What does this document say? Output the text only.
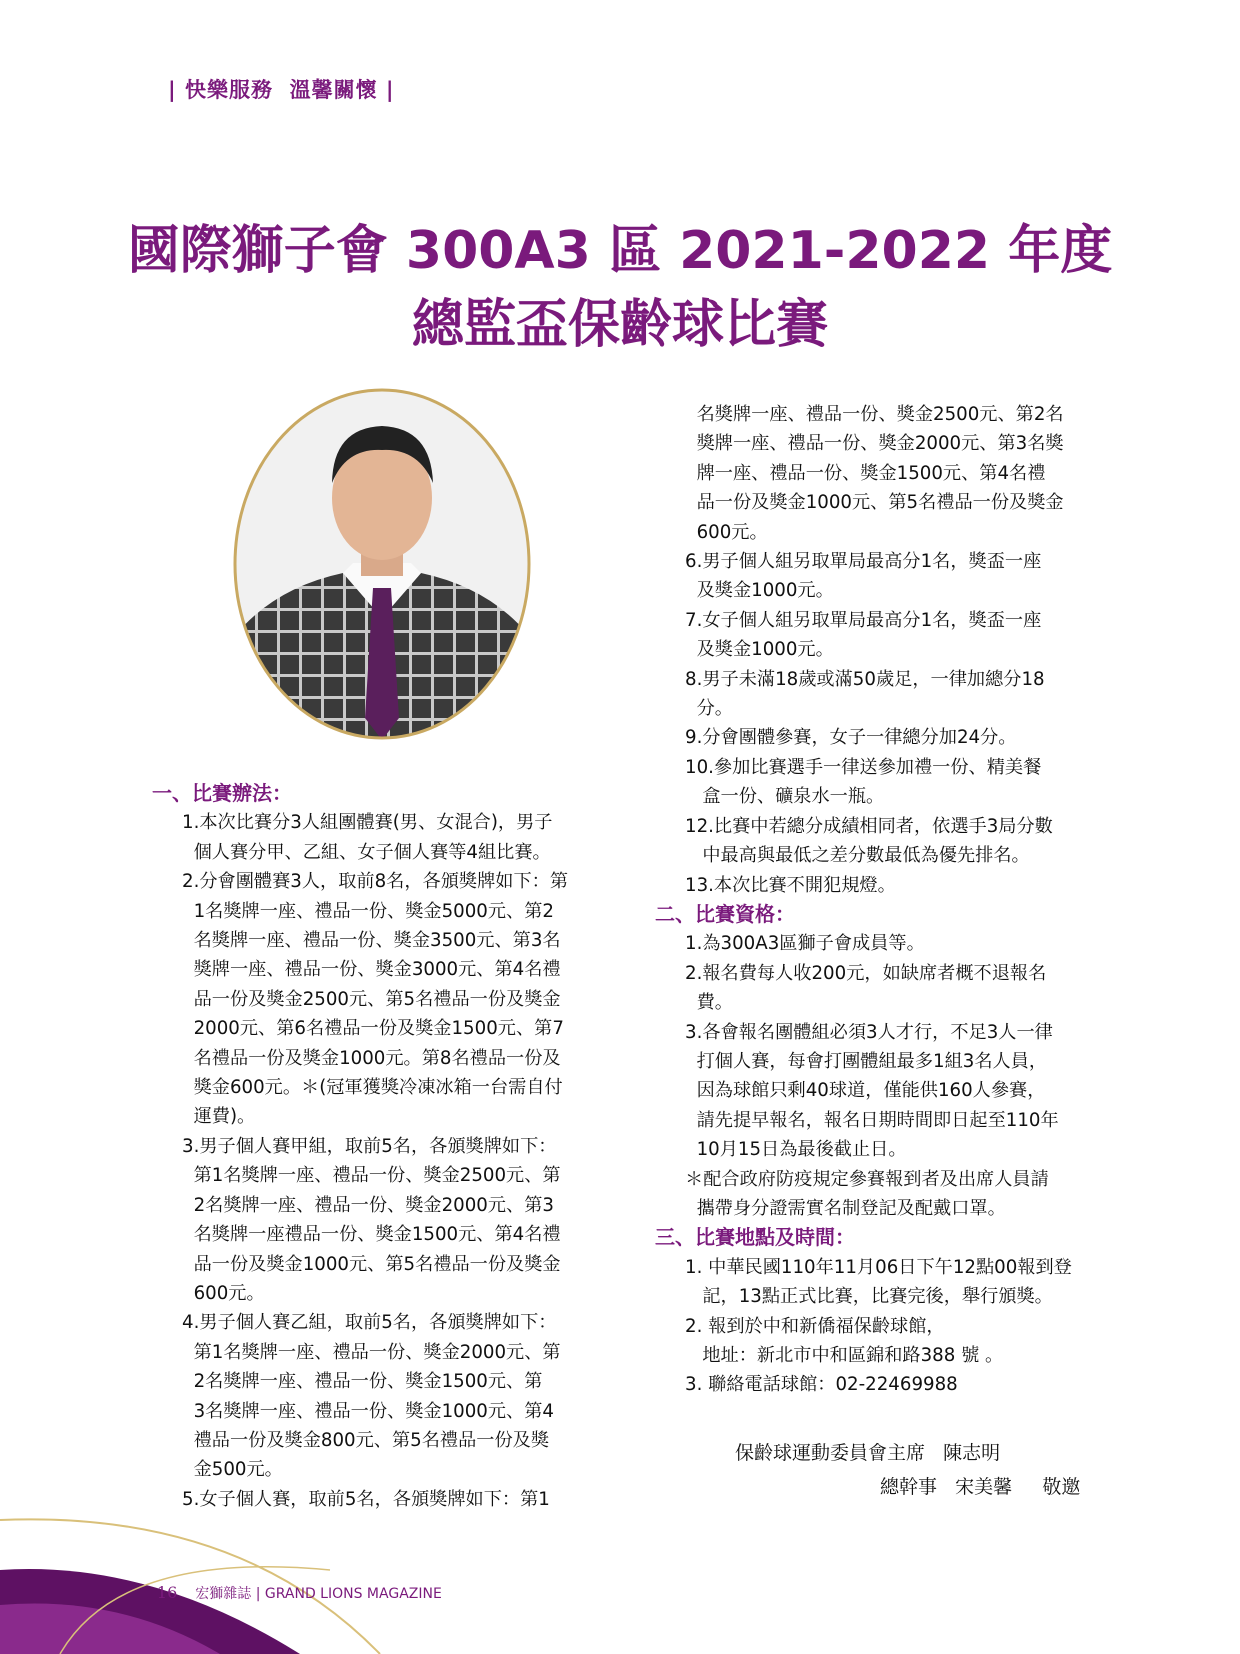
| 快樂服務  溫馨關懷 |
國際獅子會 300A3 區 2021-2022 年度
總監盃保齡球比賽

一、比賽辦法：

1.本次比賽分3人組團體賽(男、女混合)，男子

個人賽分甲、乙組、女子個人賽等4組比賽。

2.分會團體賽3人，取前8名，各頒獎牌如下：第

1名獎牌一座、禮品一份、獎金5000元、第2

名獎牌一座、禮品一份、獎金3500元、第3名

獎牌一座、禮品一份、獎金3000元、第4名禮

品一份及獎金2500元、第5名禮品一份及獎金

2000元、第6名禮品一份及獎金1500元、第7

名禮品一份及獎金1000元。第8名禮品一份及

獎金600元。＊(冠軍獲獎冷凍冰箱一台需自付

運費)。

3.男子個人賽甲組，取前5名，各頒獎牌如下：

第1名獎牌一座、禮品一份、獎金2500元、第

2名獎牌一座、禮品一份、獎金2000元、第3

名獎牌一座禮品一份、獎金1500元、第4名禮

品一份及獎金1000元、第5名禮品一份及獎金

600元。

4.男子個人賽乙組，取前5名，各頒獎牌如下：

第1名獎牌一座、禮品一份、獎金2000元、第

2名獎牌一座、禮品一份、獎金1500元、第

3名獎牌一座、禮品一份、獎金1000元、第4

禮品一份及獎金800元、第5名禮品一份及獎

金500元。

5.女子個人賽，取前5名，各頒獎牌如下：第1

名獎牌一座、禮品一份、獎金2500元、第2名

獎牌一座、禮品一份、獎金2000元、第3名獎

牌一座、禮品一份、獎金1500元、第4名禮

品一份及獎金1000元、第5名禮品一份及獎金

600元。

6.男子個人組另取單局最高分1名，獎盃一座

及獎金1000元。

7.女子個人組另取單局最高分1名，獎盃一座

及獎金1000元。

8.男子未滿18歲或滿50歲足，一律加總分18

分。

9.分會團體參賽，女子一律總分加24分。

10.參加比賽選手一律送參加禮一份、精美餐

盒一份、礦泉水一瓶。

12.比賽中若總分成績相同者，依選手3局分數

中最高與最低之差分數最低為優先排名。

13.本次比賽不開犯規燈。

二、比賽資格：

1.為300A3區獅子會成員等。

2.報名費每人收200元，如缺席者概不退報名

費。

3.各會報名團體組必須3人才行，不足3人一律

打個人賽，每會打團體組最多1組3名人員，

因為球館只剩40球道，僅能供160人參賽，

請先提早報名，報名日期時間即日起至110年

10月15日為最後截止日。

＊配合政府防疫規定參賽報到者及出席人員請

攜帶身分證需實名制登記及配戴口罩。

三、比賽地點及時間：

1. 中華民國110年11月06日下午12點00報到登

記，13點正式比賽，比賽完後，舉行頒獎。

2. 報到於中和新僑福保齡球館，

地址：新北市中和區錦和路388 號 。

3. 聯絡電話球館：02-22469988

保齡球運動委員會主席   陳志明
總幹事   宋美馨     敬邀

16 宏獅雜誌 | GRAND LIONS MAGAZINE
